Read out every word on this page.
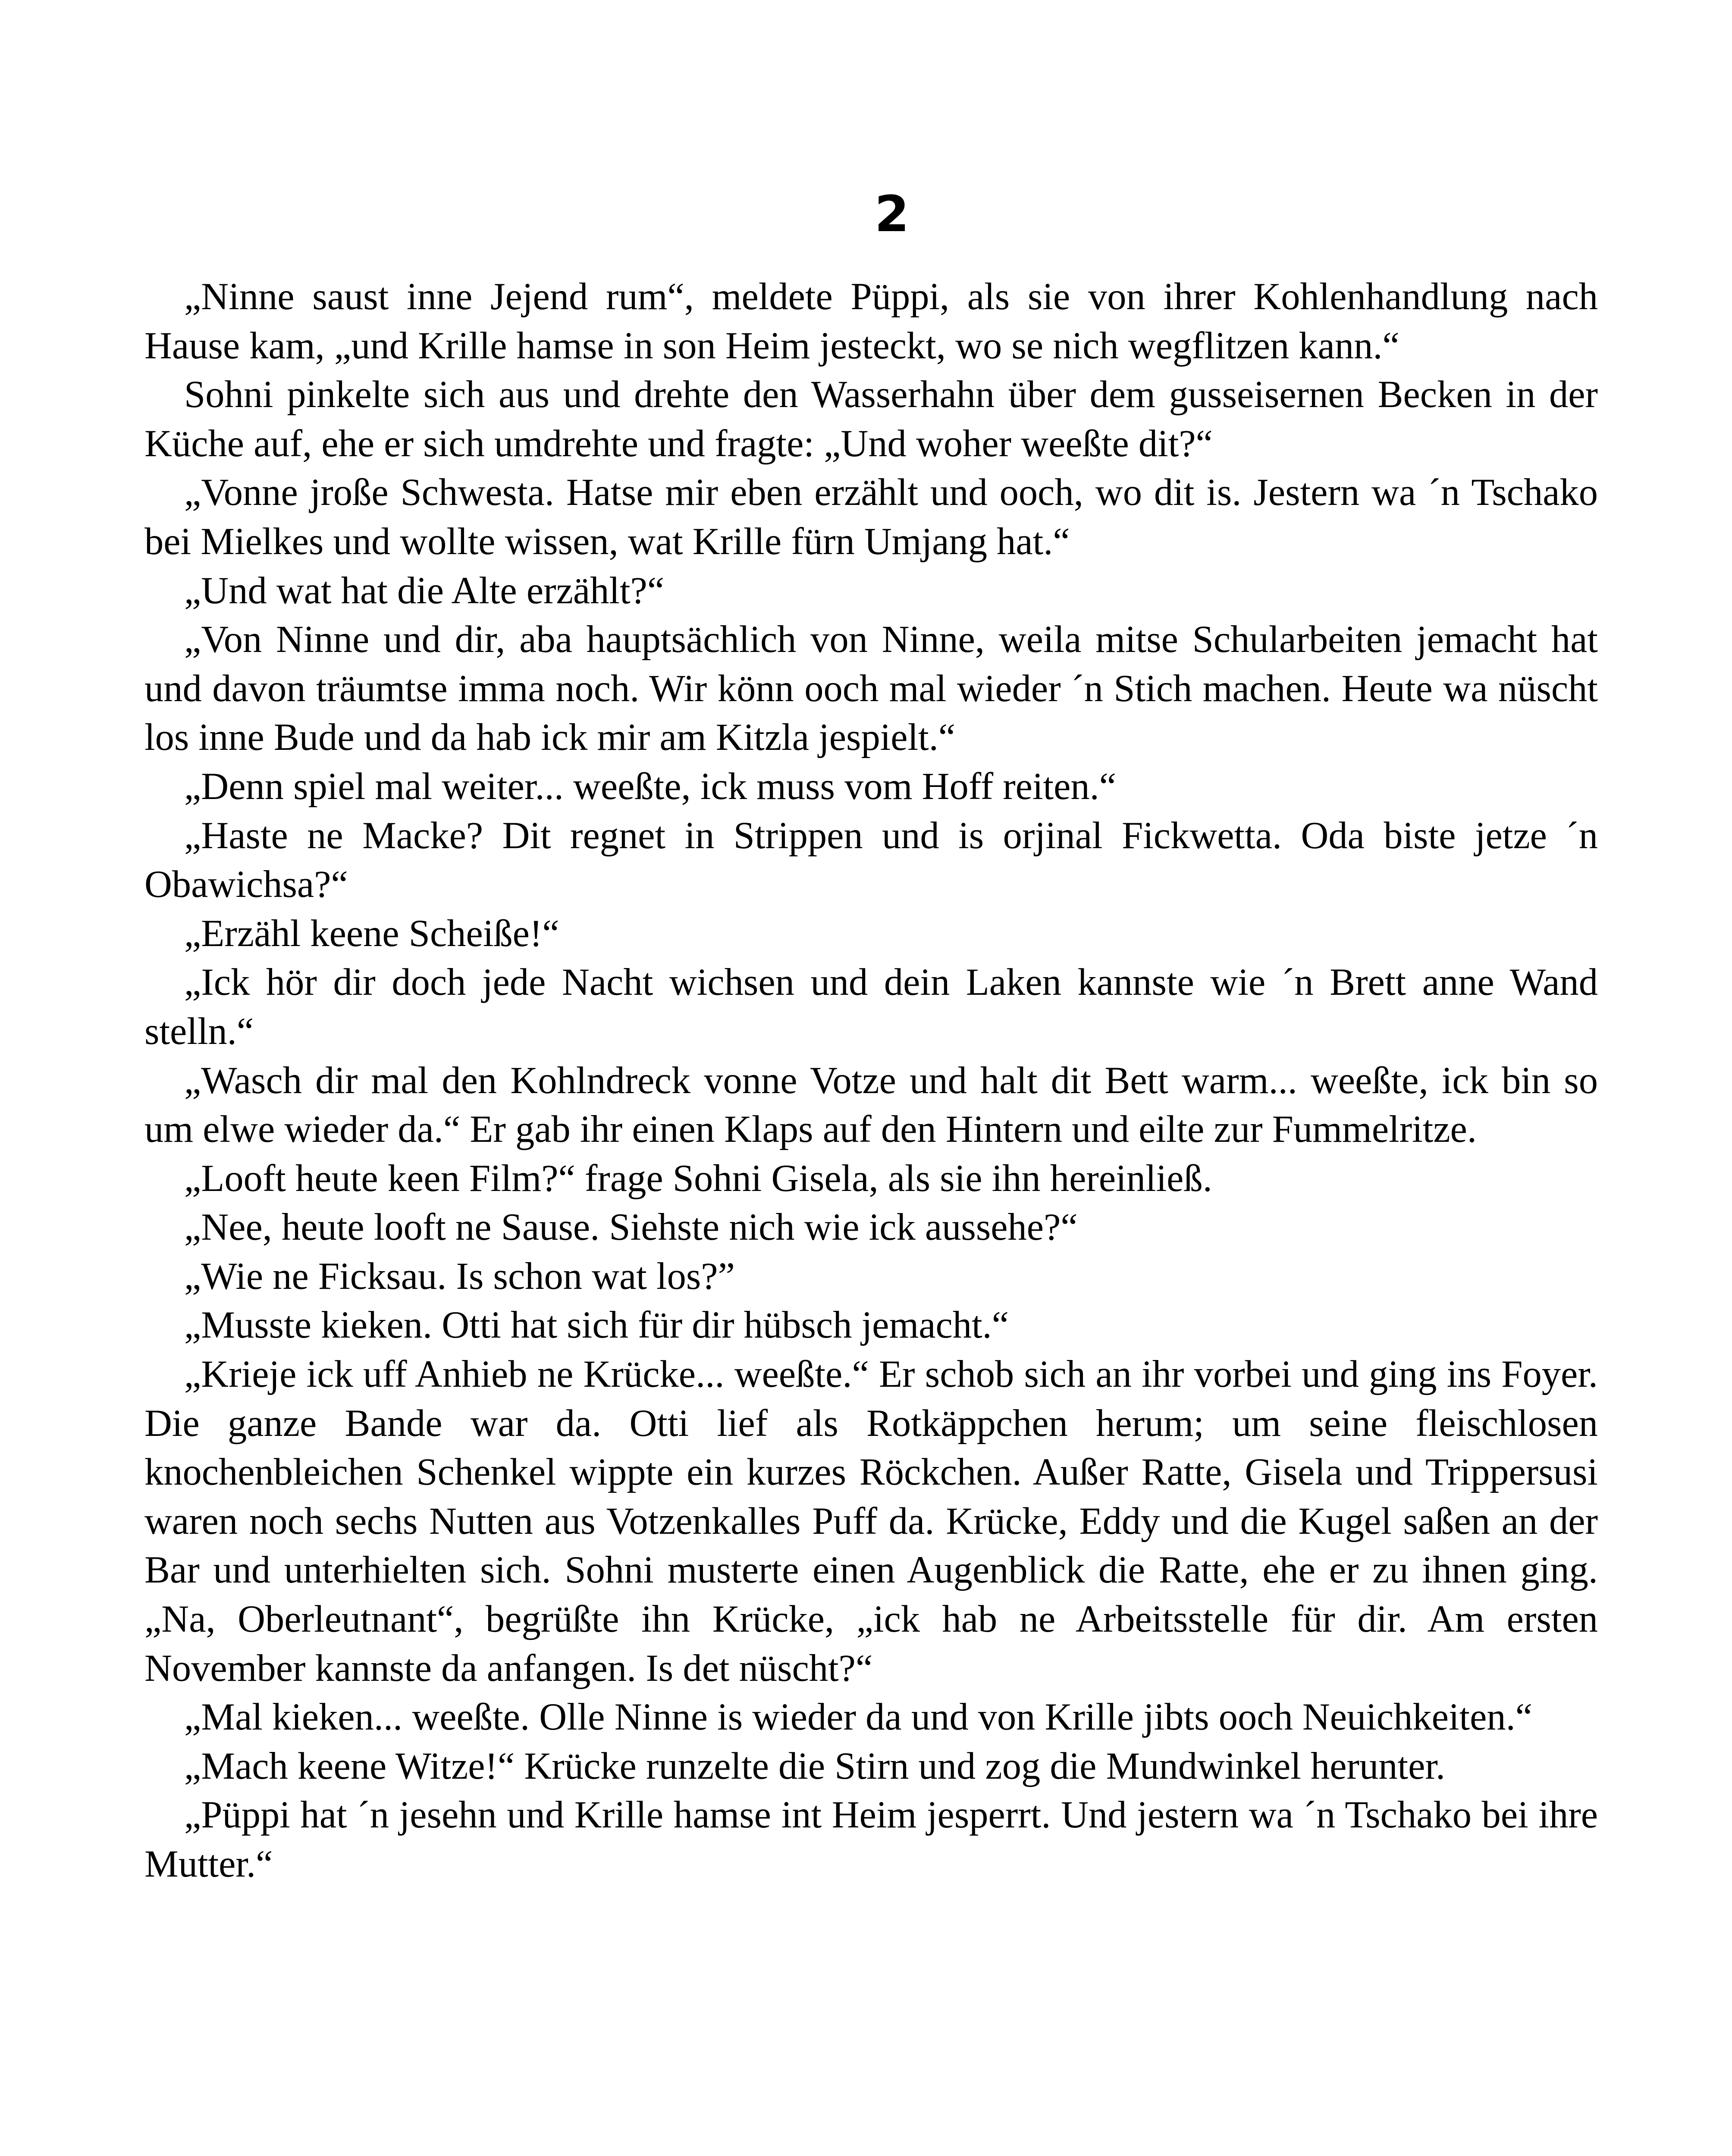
2

„Ninne saust inne Jejend rum“, meldete Püppi, als sie von ihrer Kohlenhandlung nach Hause kam, „und Krille hamse in son Heim jesteckt, wo se nich wegflitzen kann.“

Sohni pinkelte sich aus und drehte den Wasserhahn über dem gusseisernen Becken in der Küche auf, ehe er sich umdrehte und fragte: „Und woher weeßte dit?“

„Vonne jroße Schwesta. Hatse mir eben erzählt und ooch, wo dit is. Jestern wa ´n Tschako bei Mielkes und wollte wissen, wat Krille fürn Umjang hat.“

„Und wat hat die Alte erzählt?“

„Von Ninne und dir, aba hauptsächlich von Ninne, weila mitse Schularbeiten jemacht hat und davon träumtse imma noch. Wir könn ooch mal wieder ´n Stich machen. Heute wa nüscht los inne Bude und da hab ick mir am Kitzla jespielt.“

„Denn spiel mal weiter... weeßte, ick muss vom Hoff reiten.“

„Haste ne Macke? Dit regnet in Strippen und is orjinal Fickwetta. Oda biste jetze ´n Obawichsa?“

„Erzähl keene Scheiße!“

„Ick hör dir doch jede Nacht wichsen und dein Laken kannste wie ´n Brett anne Wand stelln.“

„Wasch dir mal den Kohlndreck vonne Votze und halt dit Bett warm... weeßte, ick bin so um elwe wieder da.“ Er gab ihr einen Klaps auf den Hintern und eilte zur Fummelritze.

„Looft heute keen Film?“ frage Sohni Gisela, als sie ihn hereinließ.

„Nee, heute looft ne Sause. Siehste nich wie ick aussehe?“

„Wie ne Ficksau. Is schon wat los?”

„Musste kieken. Otti hat sich für dir hübsch jemacht.“

„Krieje ick uff Anhieb ne Krücke... weeßte.“ Er schob sich an ihr vorbei und ging ins Foyer. Die ganze Bande war da. Otti lief als Rotkäppchen herum; um seine fleischlosen knochenbleichen Schenkel wippte ein kurzes Röckchen. Außer Ratte, Gisela und Trippersusi waren noch sechs Nutten aus Votzenkalles Puff da. Krücke, Eddy und die Kugel saßen an der Bar und unterhielten sich. Sohni musterte einen Augenblick die Ratte, ehe er zu ihnen ging. „Na, Oberleutnant“, begrüßte ihn Krücke, „ick hab ne Arbeitsstelle für dir. Am ersten November kannste da anfangen. Is det nüscht?“

„Mal kieken... weeßte. Olle Ninne is wieder da und von Krille jibts ooch Neuichkeiten.“

„Mach keene Witze!“ Krücke runzelte die Stirn und zog die Mundwinkel herunter.

„Püppi hat ´n jesehn und Krille hamse int Heim jesperrt. Und jestern wa ´n Tschako bei ihre Mutter.“
